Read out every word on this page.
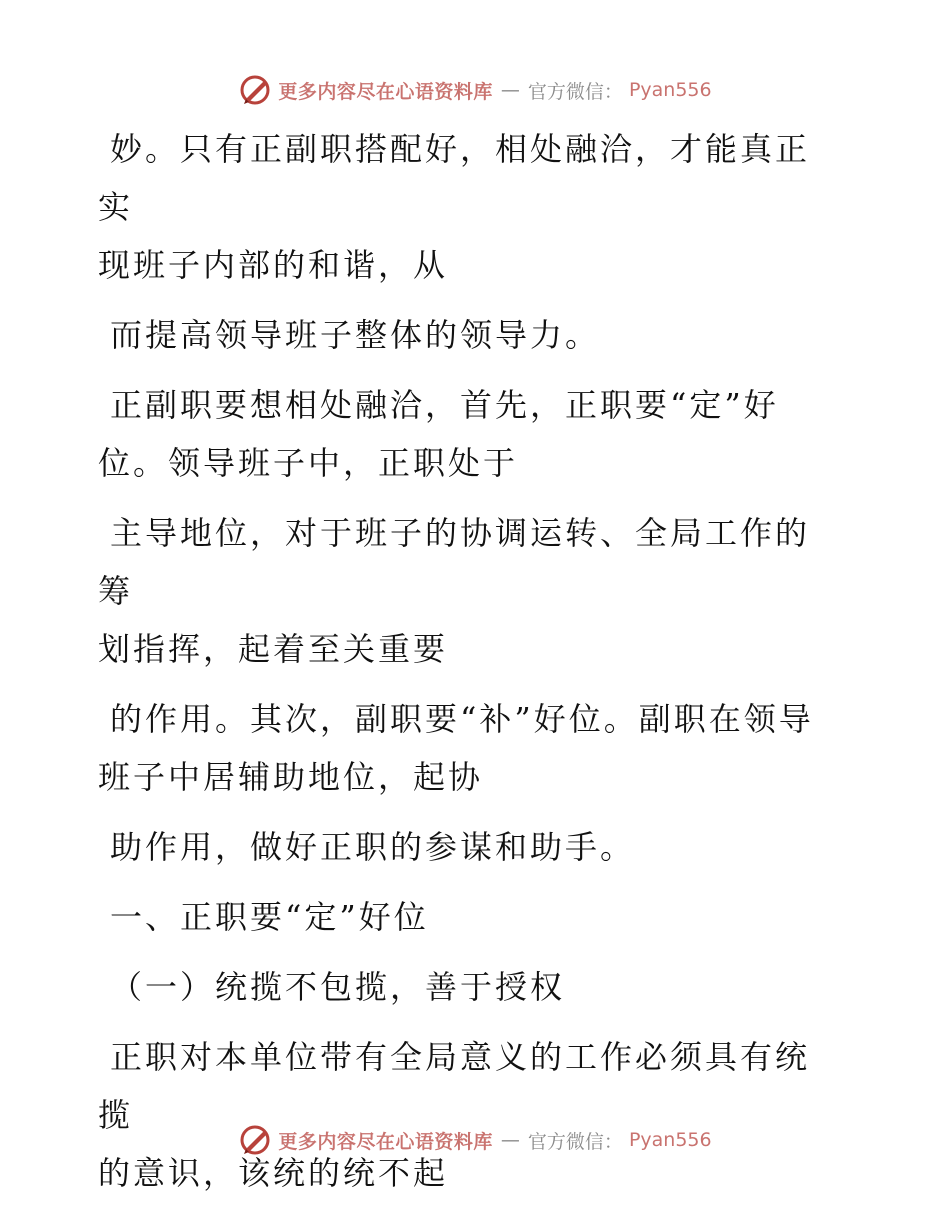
更多内容尽在心语资料库 — 官方微信： Pyan556

妙。只有正副职搭配好，相处融洽，才能真正实
现班子内部的和谐，从

而提高领导班子整体的领导力。

正副职要想相处融洽，首先，正职要“定”好
位。领导班子中，正职处于

主导地位，对于班子的协调运转、全局工作的筹
划指挥，起着至关重要

的作用。其次，副职要“补”好位。副职在领导
班子中居辅助地位，起协

助作用，做好正职的参谋和助手。

一、正职要“定”好位

（一）统揽不包揽，善于授权

正职对本单位带有全局意义的工作必须具有统揽
的意识，该统的统不起

更多内容尽在心语资料库 — 官方微信： Pyan556
